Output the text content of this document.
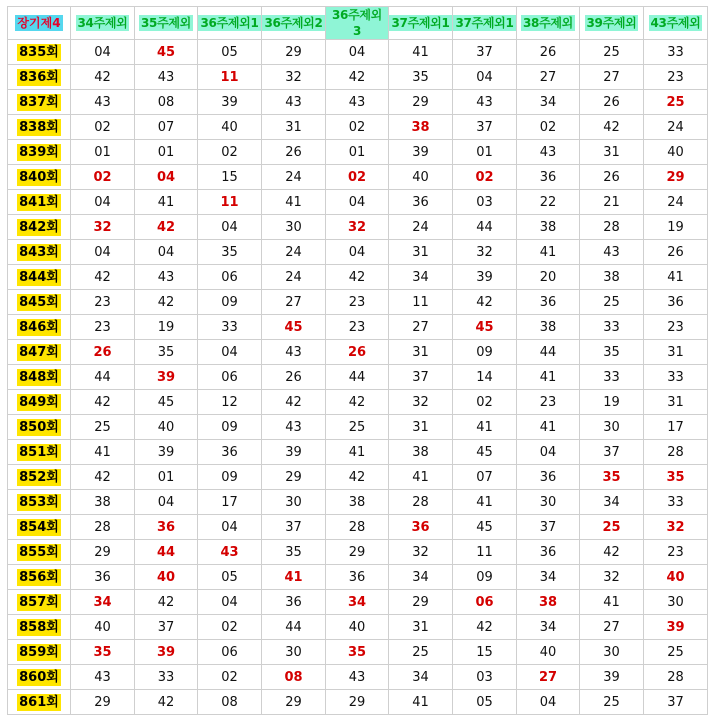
장기제4	34주제외	35주제외	36주제외1	36주제외2	36주제외3	37주제외1	37주제외1	38주제외	39주제외	43주제외
835회	04	45	05	29	04	41	37	26	25	33
836회	42	43	11	32	42	35	04	27	27	23
837회	43	08	39	43	43	29	43	34	26	25
838회	02	07	40	31	02	38	37	02	42	24
839회	01	01	02	26	01	39	01	43	31	40
840회	02	04	15	24	02	40	02	36	26	29
841회	04	41	11	41	04	36	03	22	21	24
842회	32	42	04	30	32	24	44	38	28	19
843회	04	04	35	24	04	31	32	41	43	26
844회	42	43	06	24	42	34	39	20	38	41
845회	23	42	09	27	23	11	42	36	25	36
846회	23	19	33	45	23	27	45	38	33	23
847회	26	35	04	43	26	31	09	44	35	31
848회	44	39	06	26	44	37	14	41	33	33
849회	42	45	12	42	42	32	02	23	19	31
850회	25	40	09	43	25	31	41	41	30	17
851회	41	39	36	39	41	38	45	04	37	28
852회	42	01	09	29	42	41	07	36	35	35
853회	38	04	17	30	38	28	41	30	34	33
854회	28	36	04	37	28	36	45	37	25	32
855회	29	44	43	35	29	32	11	36	42	23
856회	36	40	05	41	36	34	09	34	32	40
857회	34	42	04	36	34	29	06	38	41	30
858회	40	37	02	44	40	31	42	34	27	39
859회	35	39	06	30	35	25	15	40	30	25
860회	43	33	02	08	43	34	03	27	39	28
861회	29	42	08	29	29	41	05	04	25	37
